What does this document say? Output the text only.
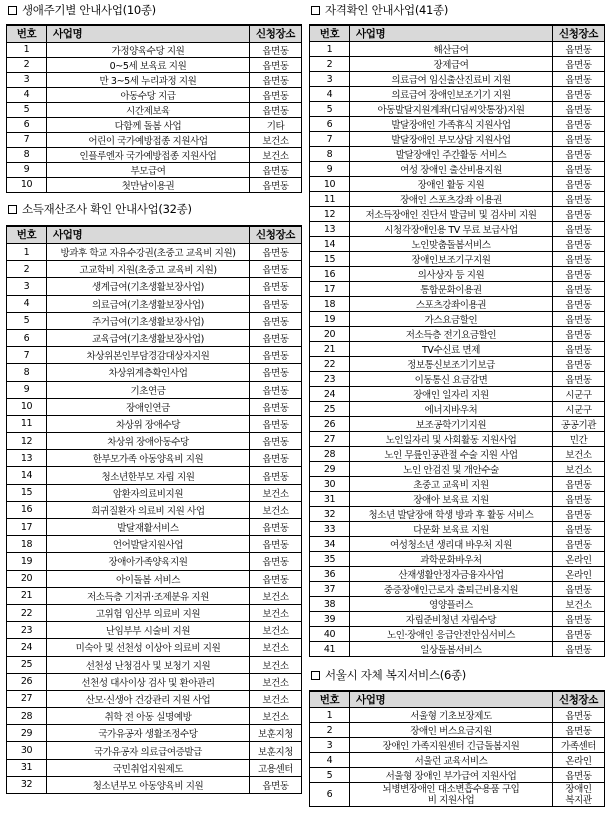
생애주기별 안내사업(10종)
번호	사업명	신청장소
1	가정양육수당 지원	읍면동
2	0~5세 보육료 지원	읍면동
3	만 3~5세 누리과정 지원	읍면동
4	아동수당 지급	읍면동
5	시간제보육	읍면동
6	다함께 돌봄 사업	기타
7	어린이 국가예방접종 지원사업	보건소
8	인플루엔자 국가예방접종 지원사업	보건소
9	부모급여	읍면동
10	첫만남이용권	읍면동
소득재산조사 확인 안내사업(32종)
번호	사업명	신청장소
1	방과후 학교 자유수강권(초중고 교육비 지원)	읍면동
2	고교학비 지원(초중고 교육비 지원)	읍면동
3	생계급여(기초생활보장사업)	읍면동
4	의료급여(기초생활보장사업)	읍면동
5	주거급여(기초생활보장사업)	읍면동
6	교육급여(기초생활보장사업)	읍면동
7	차상위본인부담경감대상자지원	읍면동
8	차상위계층확인사업	읍면동
9	기초연금	읍면동
10	장애인연금	읍면동
11	차상위 장애수당	읍면동
12	차상위 장애아동수당	읍면동
13	한부모가족 아동양육비 지원	읍면동
14	청소년한부모 자립 지원	읍면동
15	암환자의료비지원	보건소
16	희귀질환자 의료비 지원 사업	보건소
17	발달재활서비스	읍면동
18	언어발달지원사업	읍면동
19	장애아가족양육지원	읍면동
20	아이돌봄 서비스	읍면동
21	저소득층 기저귀·조제분유 지원	보건소
22	고위험 임산부 의료비 지원	보건소
23	난임부부 시술비 지원	보건소
24	미숙아 및 선천성 이상아 의료비 지원	보건소
25	선천성 난청검사 및 보청기 지원	보건소
26	선천성 대사이상 검사 및 환아관리	보건소
27	산모·신생아 건강관리 지원 사업	보건소
28	취학 전 아동 실명예방	보건소
29	국가유공자 생활조정수당	보훈지청
30	국가유공자 의료급여증발급	보훈지청
31	국민취업지원제도	고용센터
32	청소년부모 아동양육비 지원	읍면동
자격확인 안내사업(41종)
번호	사업명	신청장소
1	해산급여	읍면동
2	장제급여	읍면동
3	의료급여 임신출산진료비 지원	읍면동
4	의료급여 장애인보조기기 지원	읍면동
5	아동발달지원계좌(디딤씨앗통장)지원	읍면동
6	발달장애인 가족휴식 지원사업	읍면동
7	발달장애인 부모상담 지원사업	읍면동
8	발달장애인 주간활동 서비스	읍면동
9	여성 장애인 출산비용지원	읍면동
10	장애인 활동 지원	읍면동
11	장애인 스포츠강좌 이용권	읍면동
12	저소득장애인 진단서 발급비 및 검사비 지원	읍면동
13	시청각장애인용 TV 무료 보급사업	읍면동
14	노인맞춤돌봄서비스	읍면동
15	장애인보조기구지원	읍면동
16	의사상자 등 지원	읍면동
17	통합문화이용권	읍면동
18	스포츠강좌이용권	읍면동
19	가스요금할인	읍면동
20	저소득층 전기요금할인	읍면동
21	TV수신료 면제	읍면동
22	정보통신보조기기보급	읍면동
23	이동통신 요금감면	읍면동
24	장애인 일자리 지원	시군구
25	에너지바우처	시군구
26	보조공학기기지원	공공기관
27	노인일자리 및 사회활동 지원사업	민간
28	노인 무릎인공관절 수술 지원 사업	보건소
29	노인 안검진 및 개안수술	보건소
30	초중고 교육비 지원	읍면동
31	장애아 보육료 지원	읍면동
32	청소년 발달장애 학생 방과 후 활동 서비스	읍면동
33	다문화 보육료 지원	읍면동
34	여성청소년 생리대 바우처 지원	읍면동
35	과학문화바우처	온라인
36	산재생활안정자금융자사업	온라인
37	중증장애인근로자 출퇴근비용지원	읍면동
38	영양플러스	보건소
39	자립준비청년 자립수당	읍면동
40	노인·장애인 응급안전안심서비스	읍면동
41	일상돌봄서비스	읍면동
서울시 자체 복지서비스(6종)
번호	사업명	신청장소
1	서울형 기초보장제도	읍면동
2	장애인 버스요금지원	읍면동
3	장애인 가족지원센터 긴급돌봄지원	가족센터
4	서울런 교육서비스	온라인
5	서울형 장애인 부가급여 지원사업	읍면동
6	뇌병변장애인 대소변흡수용품 구입비 지원사업	장애인 복지관
